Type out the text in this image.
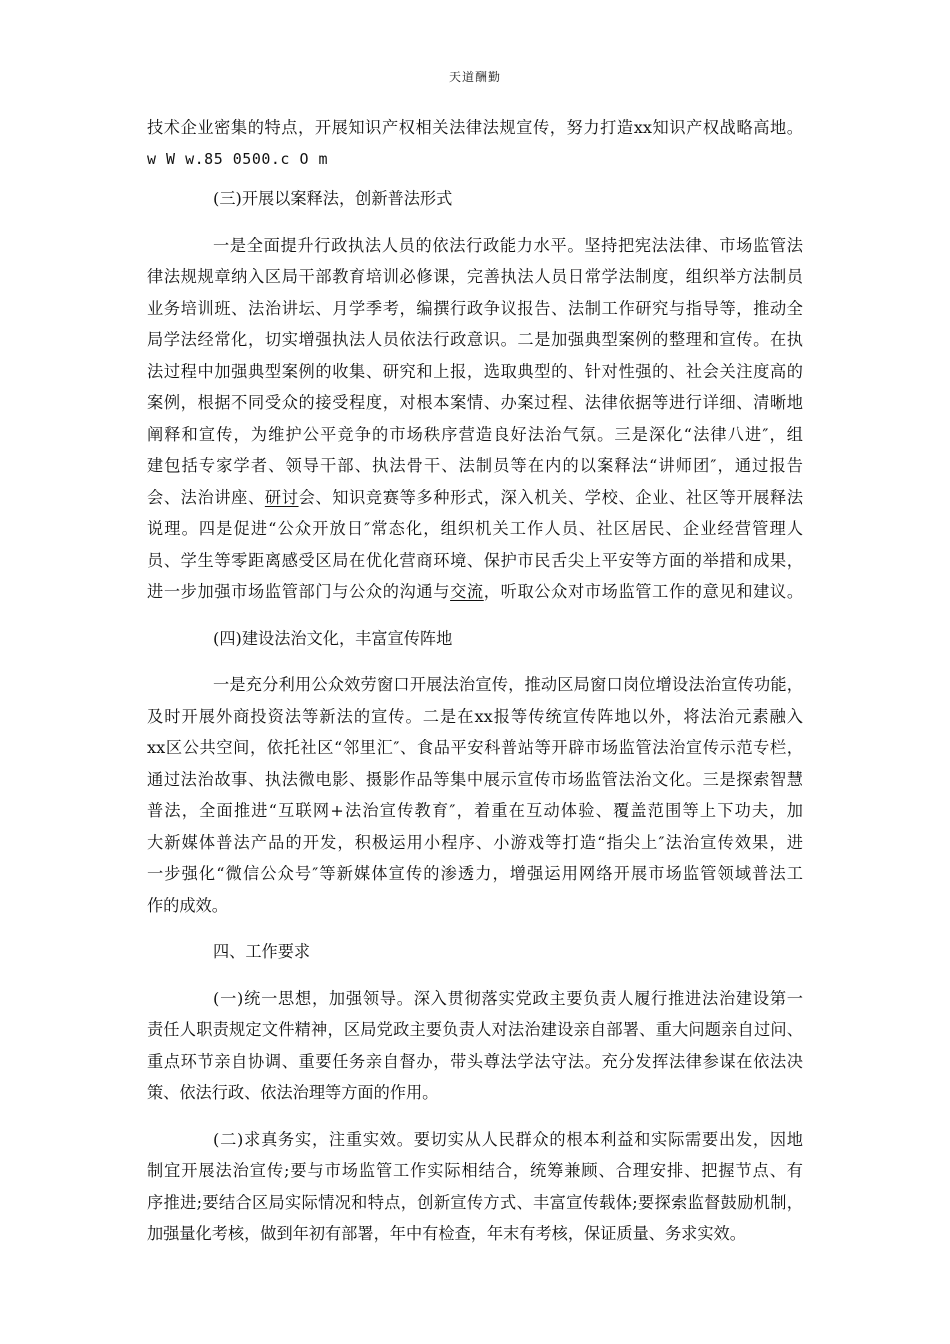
天道酬勤
技术企业密集的特点，开展知识产权相关法律法规宣传，努力打造xx知识产权战略高地。
w W w.85 0500.c O m
(三)开展以案释法，创新普法形式
一是全面提升行政执法人员的依法行政能力水平。坚持把宪法法律、市场监管法
律法规规章纳入区局干部教育培训必修课，完善执法人员日常学法制度，组织举方法制员
业务培训班、法治讲坛、月学季考，编撰行政争议报告、法制工作研究与指导等，推动全
局学法经常化，切实增强执法人员依法行政意识。二是加强典型案例的整理和宣传。在执
法过程中加强典型案例的收集、研究和上报，选取典型的、针对性强的、社会关注度高的
案例，根据不同受众的接受程度，对根本案情、办案过程、法律依据等进行详细、清晰地
阐释和宣传，为维护公平竞争的市场秩序营造良好法治气氛。三是深化“法律八进″，组
建包括专家学者、领导干部、执法骨干、法制员等在内的以案释法“讲师团″，通过报告
会、法治讲座、研讨会、知识竞赛等多种形式，深入机关、学校、企业、社区等开展释法
说理。四是促进“公众开放日″常态化，组织机关工作人员、社区居民、企业经营管理人
员、学生等零距离感受区局在优化营商环境、保护市民舌尖上平安等方面的举措和成果，
进一步加强市场监管部门与公众的沟通与交流，听取公众对市场监管工作的意见和建议。
(四)建设法治文化，丰富宣传阵地
一是充分利用公众效劳窗口开展法治宣传，推动区局窗口岗位增设法治宣传功能，
及时开展外商投资法等新法的宣传。二是在xx报等传统宣传阵地以外，将法治元素融入
xx区公共空间，依托社区“邻里汇″、食品平安科普站等开辟市场监管法治宣传示范专栏，
通过法治故事、执法微电影、摄影作品等集中展示宣传市场监管法治文化。三是探索智慧
普法，全面推进“互联网+法治宣传教育″，着重在互动体验、覆盖范围等上下功夫，加
大新媒体普法产品的开发，积极运用小程序、小游戏等打造“指尖上″法治宣传效果，进
一步强化“微信公众号″等新媒体宣传的渗透力，增强运用网络开展市场监管领域普法工
作的成效。
四、工作要求
(一)统一思想，加强领导。深入贯彻落实党政主要负责人履行推进法治建设第一
责任人职责规定文件精神，区局党政主要负责人对法治建设亲自部署、重大问题亲自过问、
重点环节亲自协调、重要任务亲自督办，带头尊法学法守法。充分发挥法律参谋在依法决
策、依法行政、依法治理等方面的作用。
(二)求真务实，注重实效。要切实从人民群众的根本利益和实际需要出发，因地
制宜开展法治宣传;要与市场监管工作实际相结合，统筹兼顾、合理安排、把握节点、有
序推进;要结合区局实际情况和特点，创新宣传方式、丰富宣传载体;要探索监督鼓励机制，
加强量化考核，做到年初有部署，年中有检查，年末有考核，保证质量、务求实效。
